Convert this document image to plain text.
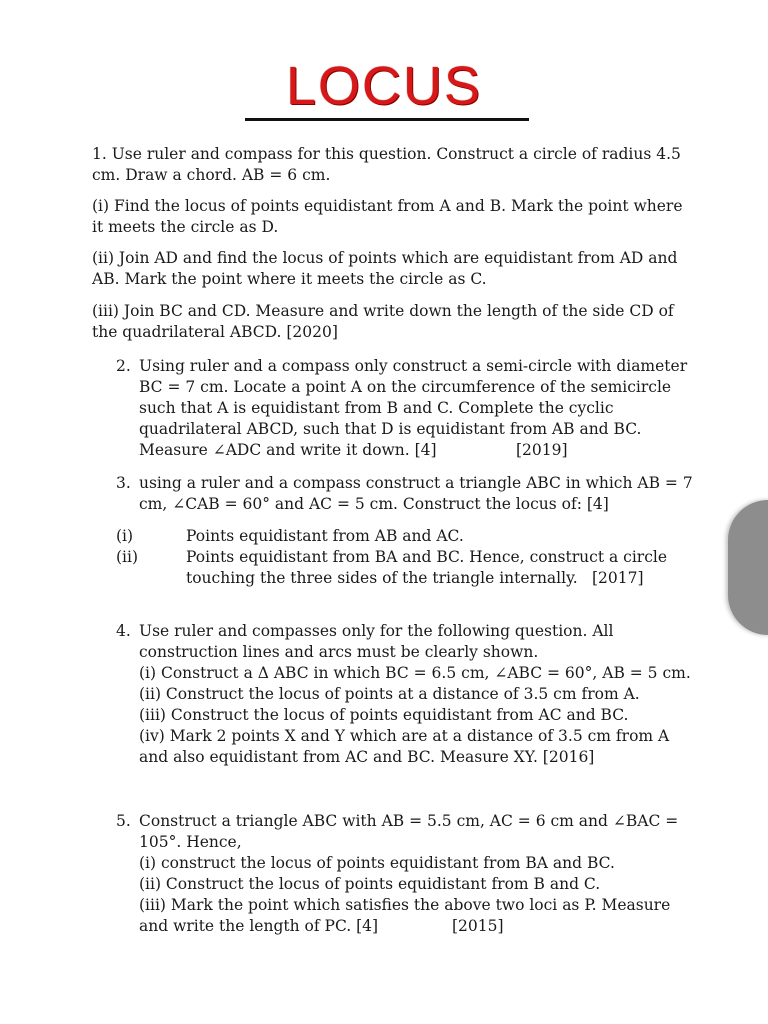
LOCUS
1. Use ruler and compass for this question. Construct a circle of radius 4.5
cm. Draw a chord. AB = 6 cm.
(i) Find the locus of points equidistant from A and B. Mark the point where
it meets the circle as D.
(ii) Join AD and find the locus of points which are equidistant from AD and
AB. Mark the point where it meets the circle as C.
(iii) Join BC and CD. Measure and write down the length of the side CD of
the quadrilateral ABCD. [2020]
2. Using ruler and a compass only construct a semi-circle with diameter
BC = 7 cm. Locate a point A on the circumference of the semicircle
such that A is equidistant from B and C. Complete the cyclic
quadrilateral ABCD, such that D is equidistant from AB and BC.
Measure ∠ADC and write it down. [4]	[2019]
3. using a ruler and a compass construct a triangle ABC in which AB = 7
cm, ∠CAB = 60° and AC = 5 cm. Construct the locus of: [4]
(i)	Points equidistant from AB and AC.
(ii)	Points equidistant from BA and BC. Hence, construct a circle
touching the three sides of the triangle internally. [2017]
4. Use ruler and compasses only for the following question. All
construction lines and arcs must be clearly shown.
(i) Construct a Δ ABC in which BC = 6.5 cm, ∠ABC = 60°, AB = 5 cm.
(ii) Construct the locus of points at a distance of 3.5 cm from A.
(iii) Construct the locus of points equidistant from AC and BC.
(iv) Mark 2 points X and Y which are at a distance of 3.5 cm from A
and also equidistant from AC and BC. Measure XY. [2016]
5. Construct a triangle ABC with AB = 5.5 cm, AC = 6 cm and ∠BAC =
105°. Hence,
(i) construct the locus of points equidistant from BA and BC.
(ii) Construct the locus of points equidistant from B and C.
(iii) Mark the point which satisfies the above two loci as P. Measure
and write the length of PC. [4]	[2015]
